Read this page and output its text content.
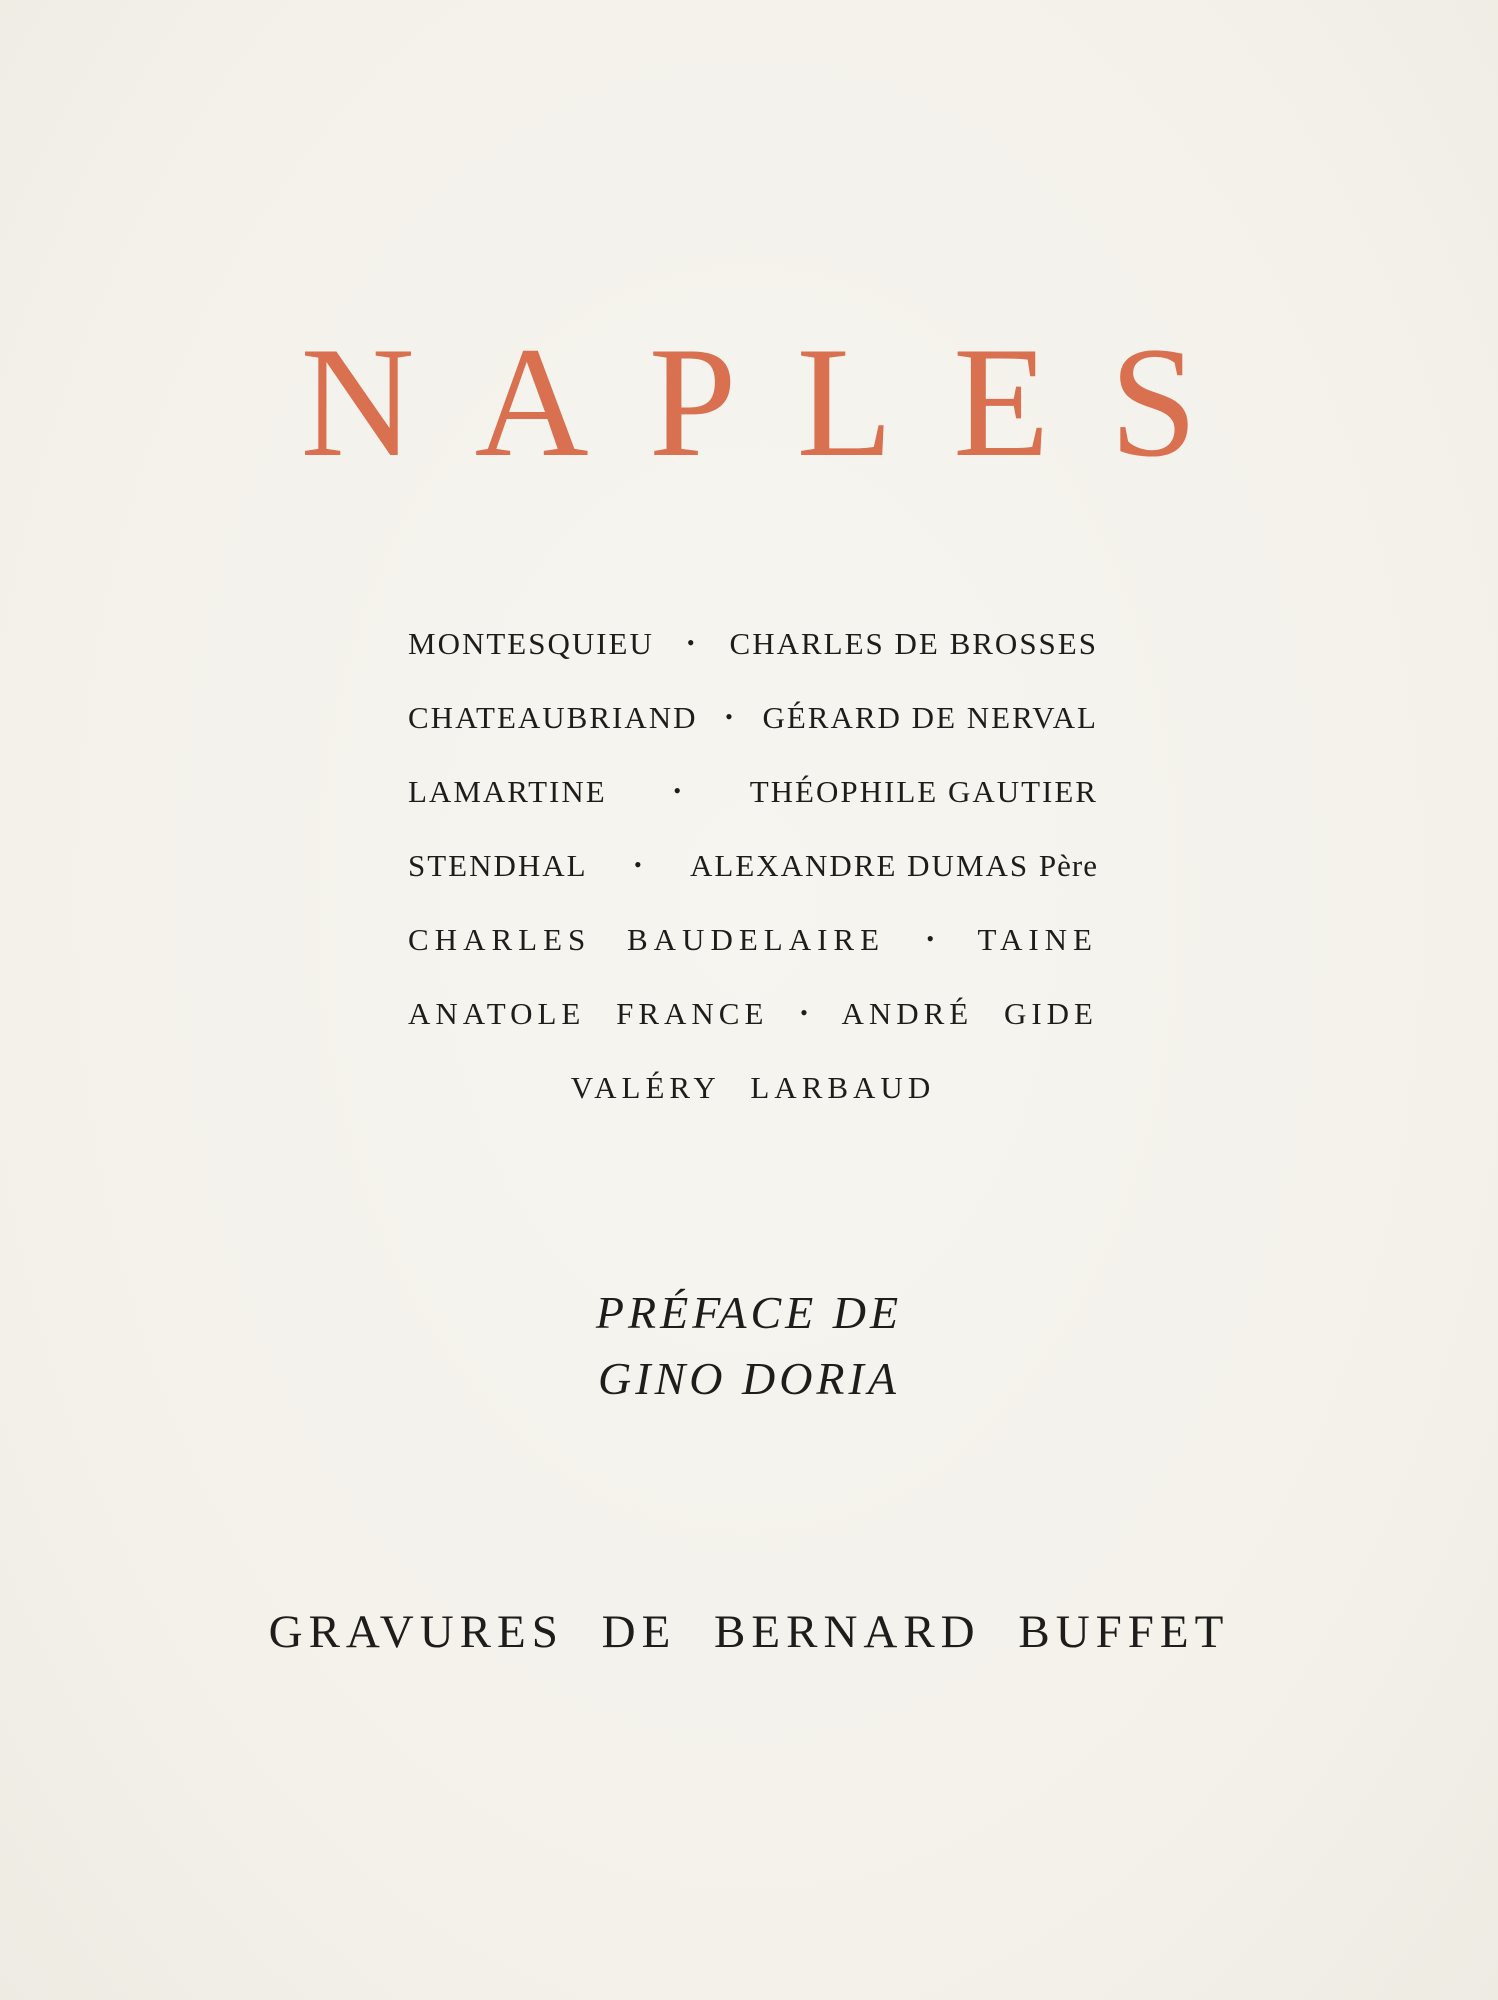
NAPLES
MONTESQUIEU • CHARLES DE BROSSES
CHATEAUBRIAND • GÉRARD DE NERVAL
LAMARTINE	• THÉOPHILE GAUTIER
STENDHAL • ALEXANDRE DUMAS Père
CHARLES BAUDELAIRE • TAINE
ANATOLE FRANCE • ANDRÉ GIDE
VALÉRY LARBAUD
PRÉFACE DE
GINO DORIA
GRAVURES DE BERNARD BUFFET
